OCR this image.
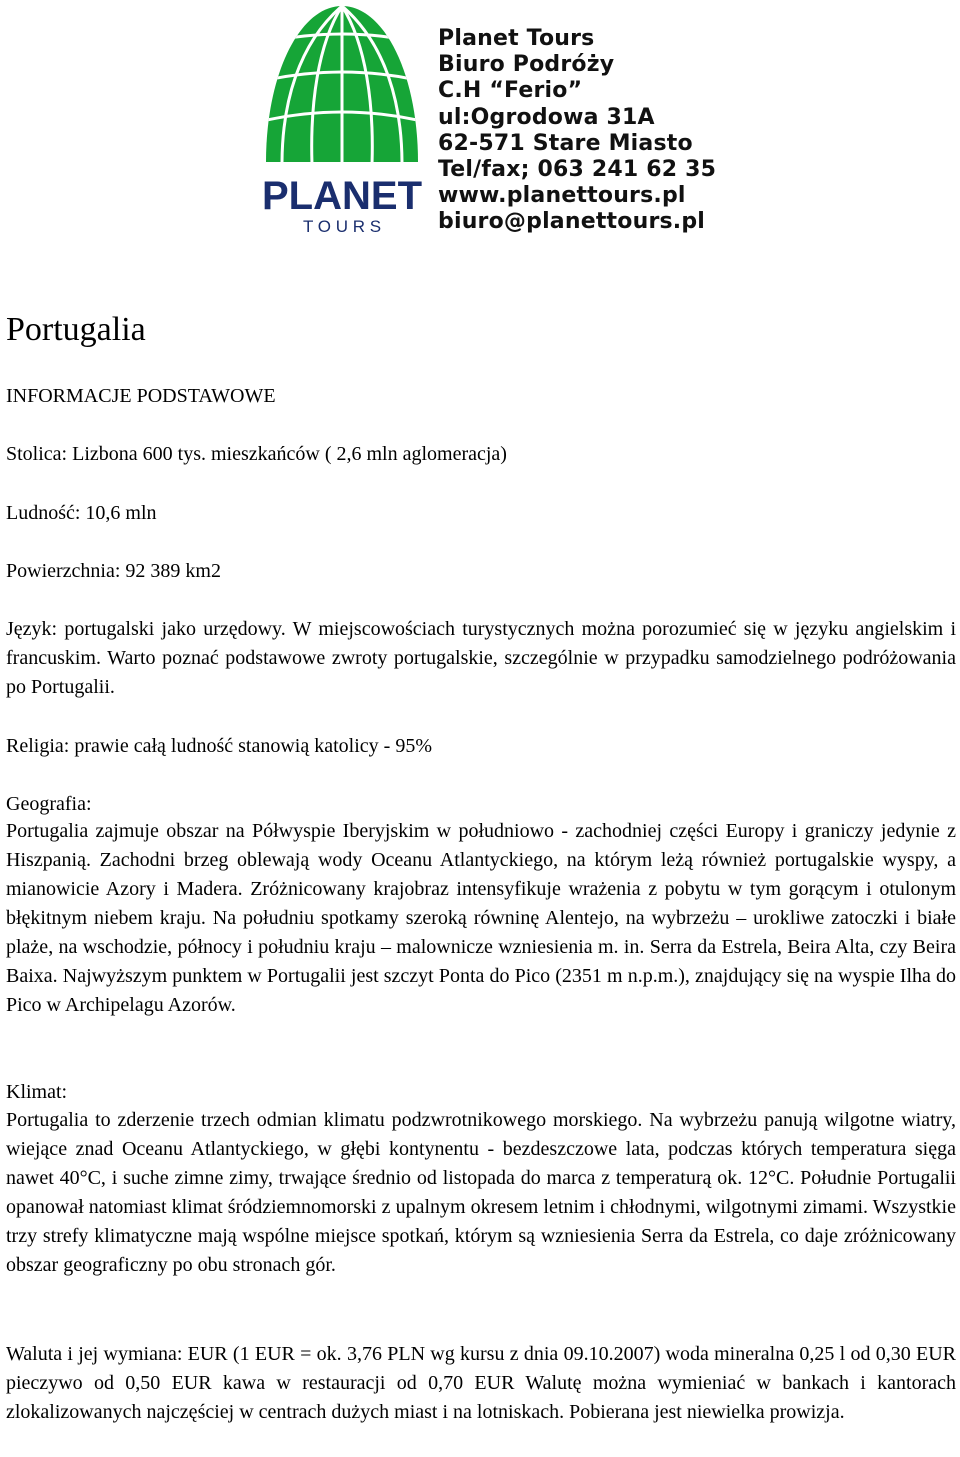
PLANET
T O U R S
Planet Tours
Biuro Podróży
C.H “Ferio”
ul:Ogrodowa 31A
62-571 Stare Miasto
Tel/fax; 063 241 62 35
www.planettours.pl
biuro@planettours.pl
Portugalia
INFORMACJE PODSTAWOWE
Stolica: Lizbona 600 tys. mieszkańców ( 2,6 mln aglomeracja)
Ludność: 10,6 mln
Powierzchnia: 92 389 km2
Język: portugalski jako urzędowy. W miejscowościach turystycznych można porozumieć się w języku angielskim i francuskim. Warto poznać podstawowe zwroty portugalskie, szczególnie w przypadku samodzielnego podróżowania po Portugalii.
Religia: prawie całą ludność stanowią katolicy - 95%
Geografia:
Portugalia zajmuje obszar na Półwyspie Iberyjskim w południowo - zachodniej części Europy i graniczy jedynie z Hiszpanią. Zachodni brzeg oblewają wody Oceanu Atlantyckiego, na którym leżą również portugalskie wyspy, a mianowicie Azory i Madera. Zróżnicowany krajobraz intensyfikuje wrażenia z pobytu w tym gorącym i otulonym błękitnym niebem kraju. Na południu spotkamy szeroką równinę Alentejo, na wybrzeżu – urokliwe zatoczki i białe plaże, na wschodzie, północy i południu kraju – malownicze wzniesienia m. in. Serra da Estrela, Beira Alta, czy Beira Baixa. Najwyższym punktem w Portugalii jest szczyt Ponta do Pico (2351 m n.p.m.), znajdujący się na wyspie Ilha do Pico w Archipelagu Azorów.
Klimat:
Portugalia to zderzenie trzech odmian klimatu podzwrotnikowego morskiego. Na wybrzeżu panują wilgotne wiatry, wiejące znad Oceanu Atlantyckiego, w głębi kontynentu - bezdeszczowe lata, podczas których temperatura sięga nawet 40°C, i suche zimne zimy, trwające średnio od listopada do marca z temperaturą ok. 12°C. Południe Portugalii opanował natomiast klimat śródziemnomorski z upalnym okresem letnim i chłodnymi, wilgotnymi zimami. Wszystkie trzy strefy klimatyczne mają wspólne miejsce spotkań, którym są wzniesienia Serra da Estrela, co daje zróżnicowany obszar geograficzny po obu stronach gór.
Waluta i jej wymiana: EUR (1 EUR = ok. 3,76 PLN wg kursu z dnia 09.10.2007) woda mineralna 0,25 l od 0,30 EUR pieczywo od 0,50 EUR kawa w restauracji od 0,70 EUR Walutę można wymieniać w bankach i kantorach zlokalizowanych najczęściej w centrach dużych miast i na lotniskach. Pobierana jest niewielka prowizja.
